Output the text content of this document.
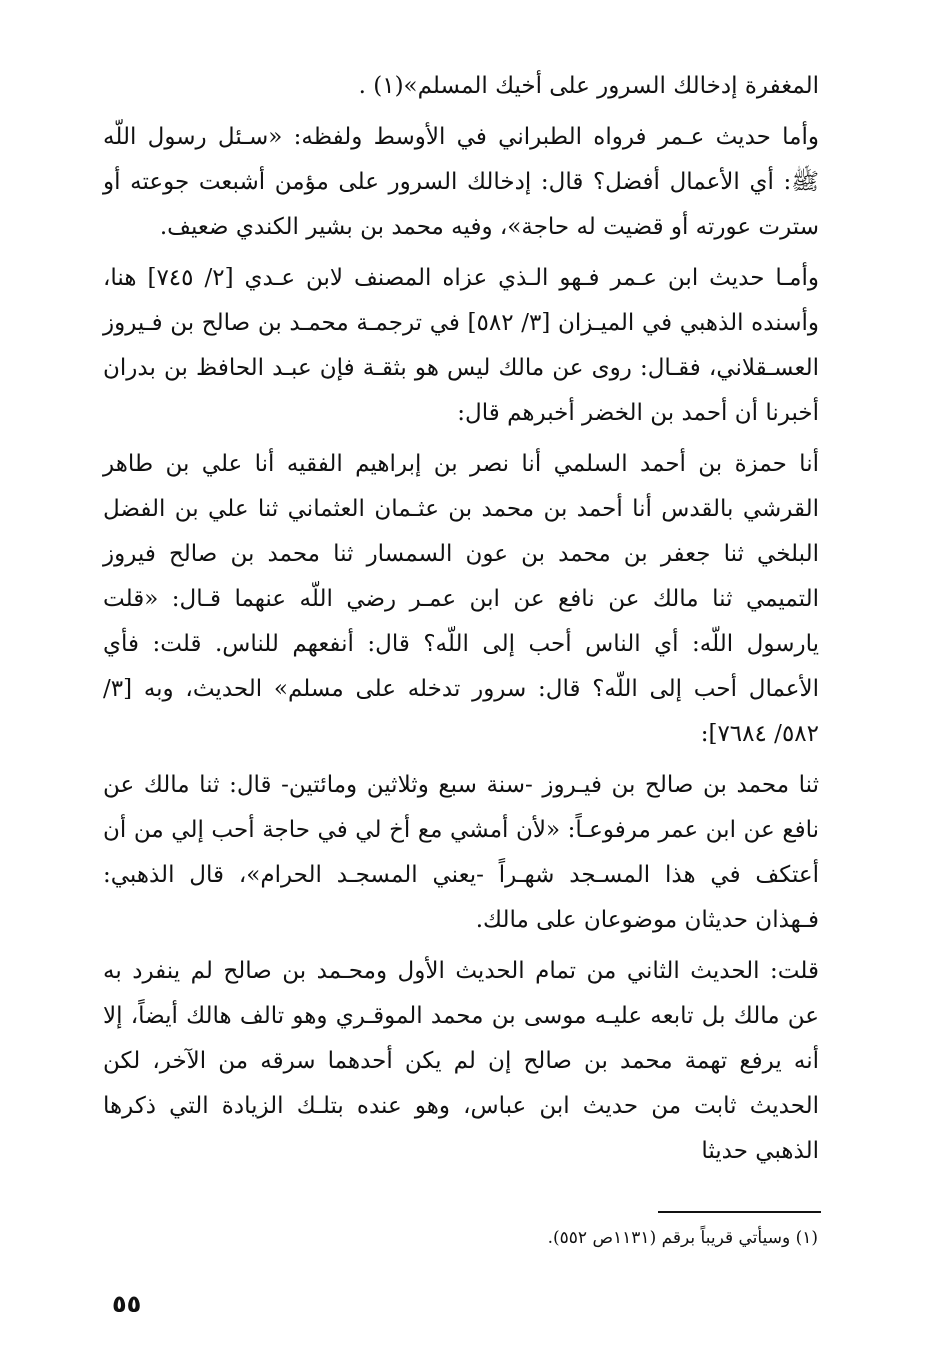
المغفرة إدخالك السرور على أخيك المسلم»(١) .

وأما حديث عـمر فرواه الطبراني في الأوسط ولفظه: «سـئل رسول اللّه ﷺ: أي الأعمال أفضل؟ قال: إدخالك السرور على مؤمن أشبعت جوعته أو سترت عورته أو قضيت له حاجة»، وفيه محمد بن بشير الكندي ضعيف.

وأمـا حديث ابن عـمر فـهو الـذي عزاه المصنف لابن عـدي [٢/ ٧٤٥] هنا، وأسنده الذهبي في الميـزان [٣/ ٥٨٢] في ترجمـة محمـد بن صالح بن فـيروز العسـقلاني، فقـال: روى عن مالك ليس هو بثقـة فإن عبـد الحافظ بن بدران أخبرنا أن أحمد بن الخضر أخبرهم قال:

أنا حمزة بن أحمد السلمي أنا نصر بن إبراهيم الفقيه أنا علي بن طاهر القرشي بالقدس أنا أحمد بن محمد بن عثـمان العثماني ثنا علي بن الفضل البلخي ثنا جعفر بن محمد بن عون السمسار ثنا محمد بن صالح فيروز التميمي ثنا مالك عن نافع عن ابن عمـر رضي اللّه عنهما قـال: «قلت يارسول اللّه: أي الناس أحب إلى اللّه؟ قال: أنفعهم للناس. قلت: فأي الأعمال أحب إلى اللّه؟ قال: سرور تدخله على مسلم» الحديث، وبه [٣/ ٥٨٢/ ٧٦٨٤]:

ثنا محمد بن صالح بن فيـروز -سنة سبع وثلاثين ومائتين- قال: ثنا مالك عن نافع عن ابن عمر مرفوعـاً: «لأن أمشي مع أخ لي في حاجة أحب إلي من أن أعتكف في هذا المسـجد شهـراً -يعني المسجـد الحرام»، قال الذهبي: فـهذان حديثان موضوعان على مالك.

قلت: الحديث الثاني من تمام الحديث الأول ومحـمد بن صالح لم ينفرد به عن مالك بل تابعه عليـه موسى بن محمد الموقـري وهو تالف هالك أيضاً، إلا أنه يرفع تهمة محمد بن صالح إن لم يكن أحدهما سرقه من الآخر، لكن الحديث ثابت من حديث ابن عباس، وهو عنده بتلـك الزيادة التي ذكرها الذهبي حديثا

(١) وسيأتي قريباً برقم (١١٣١ص ٥٥٢).
٥٥
